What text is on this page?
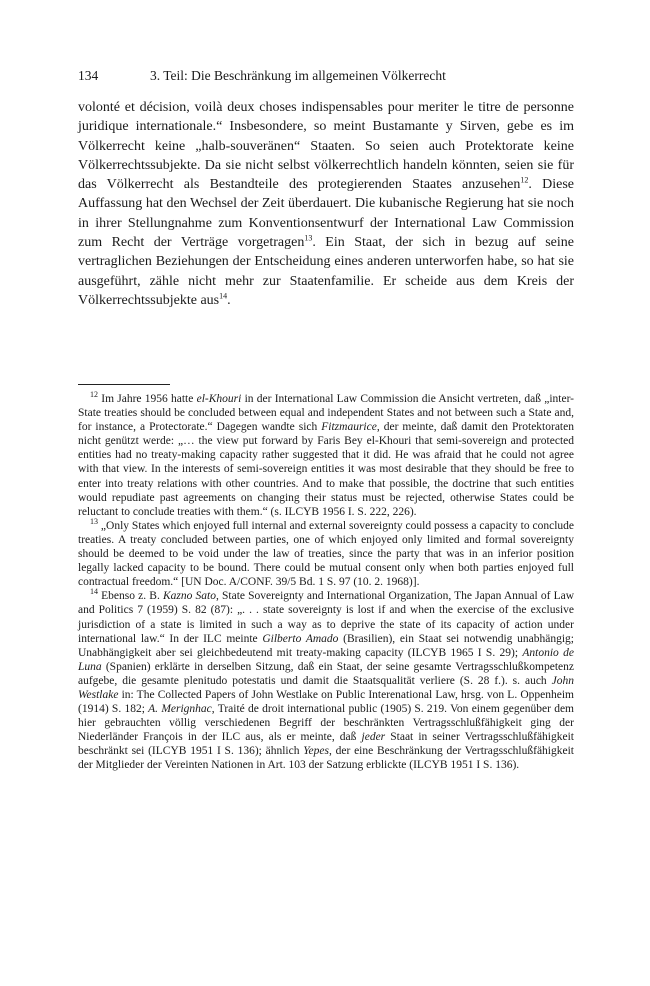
134	3. Teil: Die Beschränkung im allgemeinen Völkerrecht

volonté et décision, voilà deux choses indispensables pour meriter le titre de personne juridique internationale.“ Insbesondere, so meint Bustamante y Sirven, gebe es im Völkerrecht keine „halb-souveränen“ Staaten. So seien auch Protektorate keine Völkerrechtssubjekte. Da sie nicht selbst völkerrechtlich handeln könnten, seien sie für das Völkerrecht als Bestandteile des protegierenden Staates anzusehen$^{12}$. Diese Auffassung hat den Wechsel der Zeit überdauert. Die kubanische Regierung hat sie noch in ihrer Stellungnahme zum Konventionsentwurf der International Law Commission zum Recht der Verträge vorgetragen$^{13}$. Ein Staat, der sich in bezug auf seine vertraglichen Beziehungen der Entscheidung eines anderen unterworfen habe, so hat sie ausgeführt, zähle nicht mehr zur Staatenfamilie. Er scheide aus dem Kreis der Völkerrechtssubjekte aus$^{14}$.

$^{12}$ Im Jahre 1956 hatte el-Khouri in der International Law Commission die Ansicht vertreten, daß „inter-State treaties should be concluded between equal and independent States and not between such a State and, for instance, a Protectorate.“ Dagegen wandte sich Fitzmaurice, der meinte, daß damit den Protektoraten nicht genützt werde: „… the view put forward by Faris Bey el-Khouri that semi-sovereign and protected entities had no treaty-making capacity rather suggested that it did. He was afraid that he could not agree with that view. In the interests of semi-sovereign entities it was most desirable that they should be free to enter into treaty relations with other countries. And to make that possible, the doctrine that such entities would repudiate past agreements on changing their status must be rejected, otherwise States could be reluctant to conclude treaties with them.“ (s. ILCYB 1956 I. S. 222, 226).

$^{13}$ „Only States which enjoyed full internal and external sovereignty could possess a capacity to conclude treaties. A treaty concluded between parties, one of which enjoyed only limited and formal sovereignty should be deemed to be void under the law of treaties, since the party that was in an inferior position legally lacked capacity to be bound. There could be mutual consent only when both parties enjoyed full contractual freedom.“ [UN Doc. A/CONF. 39/5 Bd. 1 S. 97 (10. 2. 1968)].

$^{14}$ Ebenso z. B. Kazno Sato, State Sovereignty and International Organization, The Japan Annual of Law and Politics 7 (1959) S. 82 (87): „. . . state sovereignty is lost if and when the exercise of the exclusive jurisdiction of a state is limited in such a way as to deprive the state of its capacity of action under international law.“ In der ILC meinte Gilberto Amado (Brasilien), ein Staat sei notwendig unabhängig; Unabhängigkeit aber sei gleichbedeutend mit treaty-making capacity (ILCYB 1965 I S. 29); Antonio de Luna (Spanien) erklärte in derselben Sitzung, daß ein Staat, der seine gesamte Vertragsschlußkompetenz aufgebe, die gesamte plenitudo potestatis und damit die Staatsqualität verliere (S. 28 f.). s. auch John Westlake in: The Collected Papers of John Westlake on Public Interenational Law, hrsg. von L. Oppenheim (1914) S. 182; A. Merignhac, Traité de droit international public (1905) S. 219. Von einem gegenüber dem hier gebrauchten völlig verschiedenen Begriff der beschränkten Vertragsschlußfähigkeit ging der Niederländer François in der ILC aus, als er meinte, daß jeder Staat in seiner Vertragsschlußfähigkeit beschränkt sei (ILCYB 1951 I S. 136); ähnlich Yepes, der eine Beschränkung der Vertragsschlußfähigkeit der Mitglieder der Vereinten Nationen in Art. 103 der Satzung erblickte (ILCYB 1951 I S. 136).
